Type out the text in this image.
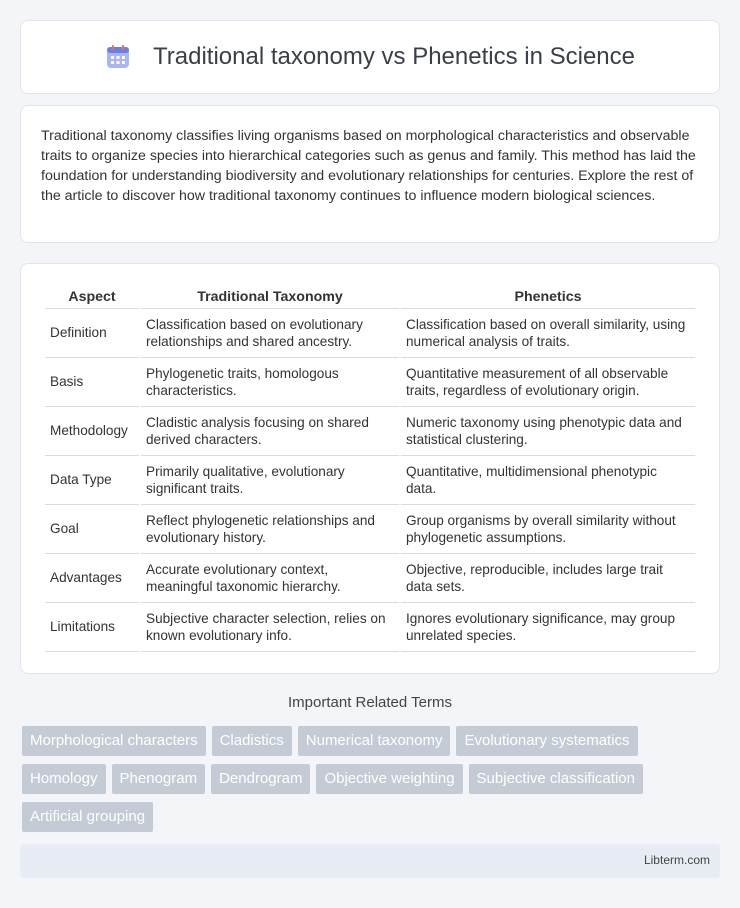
Traditional taxonomy vs Phenetics in Science

Traditional taxonomy classifies living organisms based on morphological characteristics and observable traits to organize species into hierarchical categories such as genus and family. This method has laid the foundation for understanding biodiversity and evolutionary relationships for centuries. Explore the rest of the article to discover how traditional taxonomy continues to influence modern biological sciences.

Aspect	Traditional Taxonomy	Phenetics
Definition	Classification based on evolutionary relationships and shared ancestry.	Classification based on overall similarity, using numerical analysis of traits.
Basis	Phylogenetic traits, homologous characteristics.	Quantitative measurement of all observable traits, regardless of evolutionary origin.
Methodology	Cladistic analysis focusing on shared derived characters.	Numeric taxonomy using phenotypic data and statistical clustering.
Data Type	Primarily qualitative, evolutionary significant traits.	Quantitative, multidimensional phenotypic data.
Goal	Reflect phylogenetic relationships and evolutionary history.	Group organisms by overall similarity without phylogenetic assumptions.
Advantages	Accurate evolutionary context, meaningful taxonomic hierarchy.	Objective, reproducible, includes large trait data sets.
Limitations	Subjective character selection, relies on known evolutionary info.	Ignores evolutionary significance, may group unrelated species.
Important Related Terms
Morphological characters	Cladistics	Numerical taxonomy	Evolutionary systematics
Homology	Phenogram	Dendrogram	Objective weighting	Subjective classification
Artificial grouping
Libterm.com
